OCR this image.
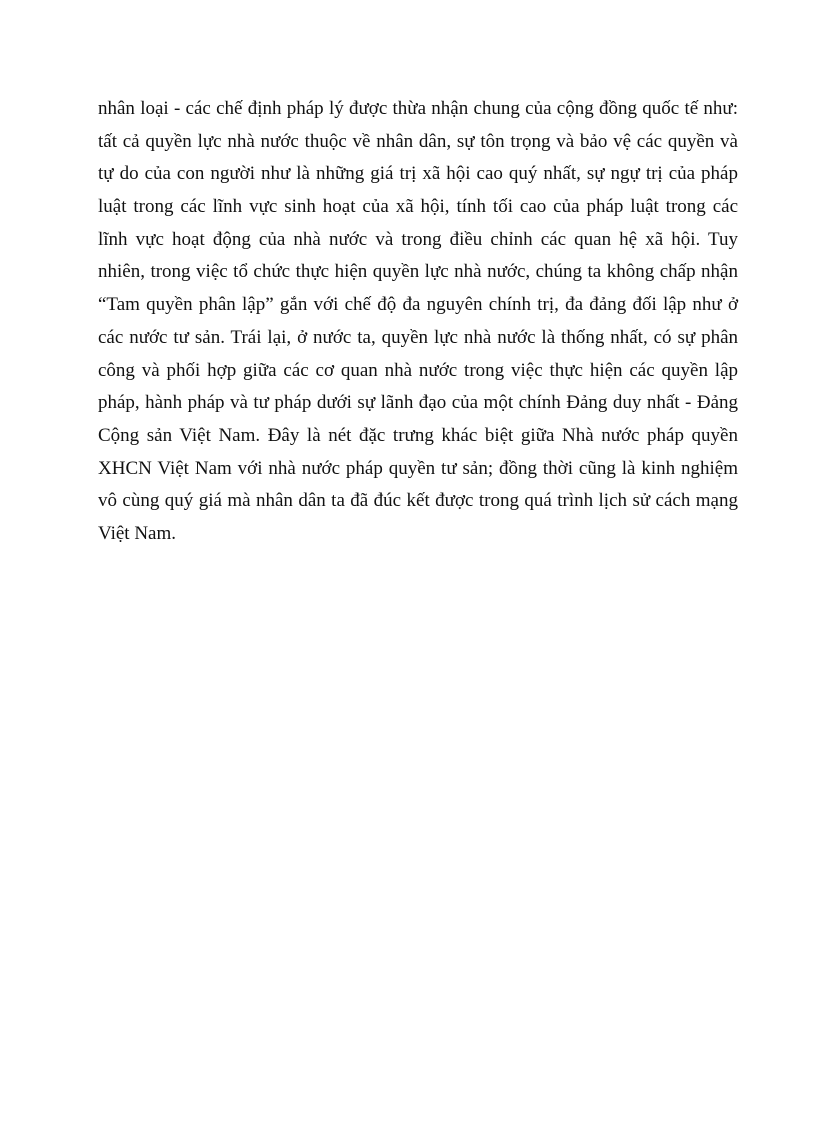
nhân loại - các chế định pháp lý được thừa nhận chung của cộng đồng quốc tế như:
tất cả quyền lực nhà nước thuộc về nhân dân, sự tôn trọng và bảo vệ các quyền và
tự do của con người như là những giá trị xã hội cao quý nhất, sự ngự trị của pháp
luật trong các lĩnh vực sinh hoạt của xã hội, tính tối cao của pháp luật trong các
lĩnh vực hoạt động của nhà nước và trong điều chỉnh các quan hệ xã hội. Tuy
nhiên, trong việc tổ chức thực hiện quyền lực nhà nước, chúng ta không chấp nhận
“Tam quyền phân lập” gắn với chế độ đa nguyên chính trị, đa đảng đối lập như ở
các nước tư sản. Trái lại, ở nước ta, quyền lực nhà nước là thống nhất, có sự phân
công và phối hợp giữa các cơ quan nhà nước trong việc thực hiện các quyền lập
pháp, hành pháp và tư pháp dưới sự lãnh đạo của một chính Đảng duy nhất - Đảng
Cộng sản Việt Nam. Đây là nét đặc trưng khác biệt giữa Nhà nước pháp quyền
XHCN Việt Nam với nhà nước pháp quyền tư sản; đồng thời cũng là kinh nghiệm
vô cùng quý giá mà nhân dân ta đã đúc kết được trong quá trình lịch sử cách mạng
Việt Nam.
